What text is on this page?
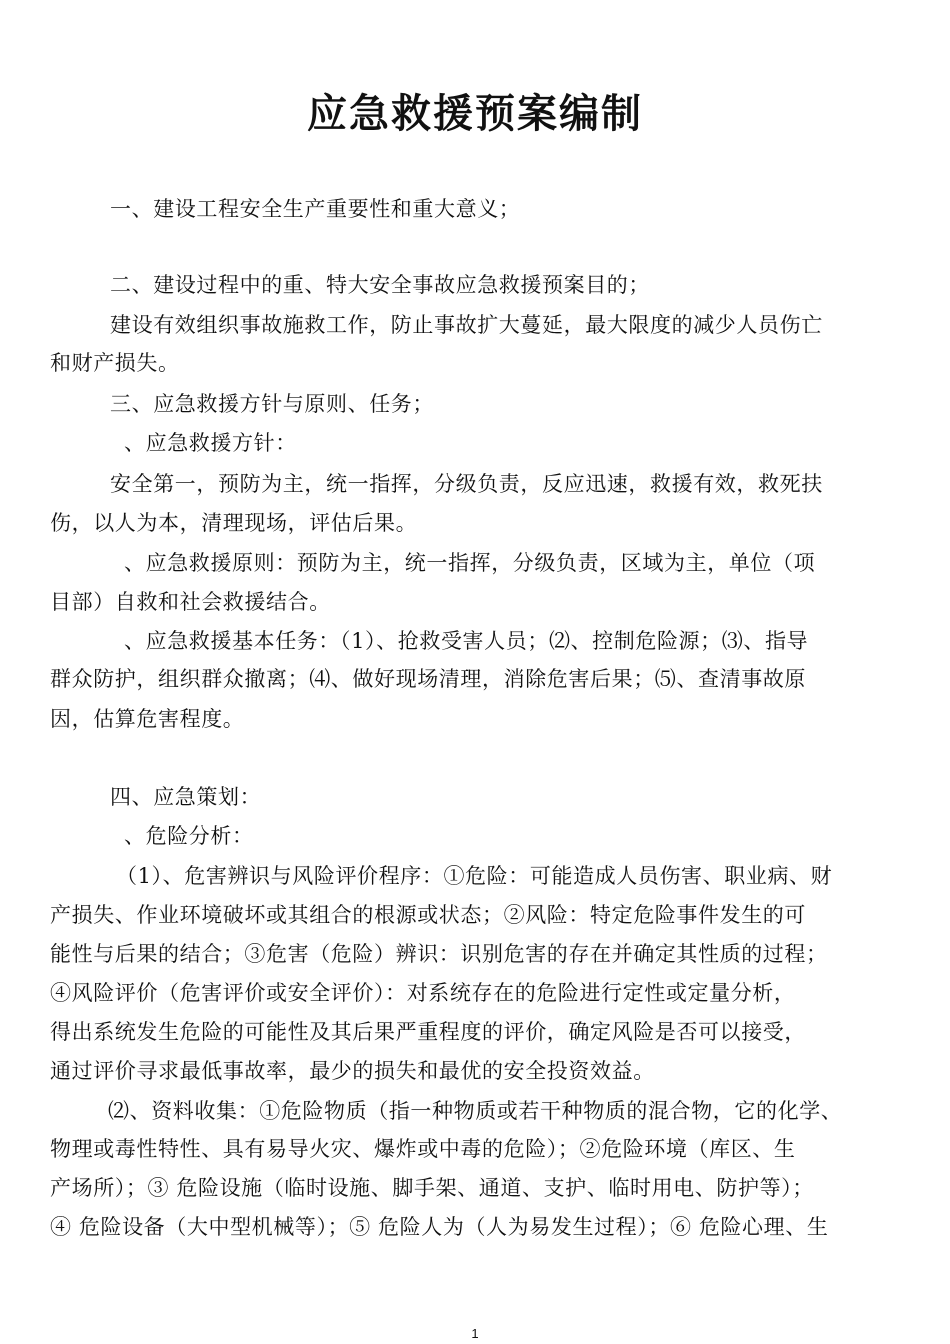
应急救援预案编制
一、建设工程安全生产重要性和重大意义；
二、建设过程中的重、特大安全事故应急救援预案目的；
建设有效组织事故施救工作，防止事故扩大蔓延，最大限度的减少人员伤亡
和财产损失。
三、应急救援方针与原则、任务；
、应急救援方针：
安全第一，预防为主，统一指挥，分级负责，反应迅速，救援有效，救死扶
伤，以人为本，清理现场，评估后果。
、应急救援原则：预防为主，统一指挥，分级负责，区域为主，单位（项
目部）自救和社会救援结合。
、应急救援基本任务：（1）、抢救受害人员；⑵、控制危险源；⑶、指导
群众防护，组织群众撤离；⑷、做好现场清理，消除危害后果；⑸、查清事故原
因，估算危害程度。
四、应急策划：
、危险分析：
（1）、危害辨识与风险评价程序：①危险：可能造成人员伤害、职业病、财
产损失、作业环境破坏或其组合的根源或状态；②风险：特定危险事件发生的可
能性与后果的结合；③危害（危险）辨识：识别危害的存在并确定其性质的过程；
④风险评价（危害评价或安全评价）：对系统存在的危险进行定性或定量分析，
得出系统发生危险的可能性及其后果严重程度的评价，确定风险是否可以接受，
通过评价寻求最低事故率，最少的损失和最优的安全投资效益。
⑵、资料收集：①危险物质（指一种物质或若干种物质的混合物，它的化学、
物理或毒性特性、具有易导火灾、爆炸或中毒的危险）；②危险环境（库区、生
产场所）；③ 危险设施（临时设施、脚手架、通道、支护、临时用电、防护等）；
④ 危险设备（大中型机械等）；⑤ 危险人为（人为易发生过程）；⑥ 危险心理、生
1
